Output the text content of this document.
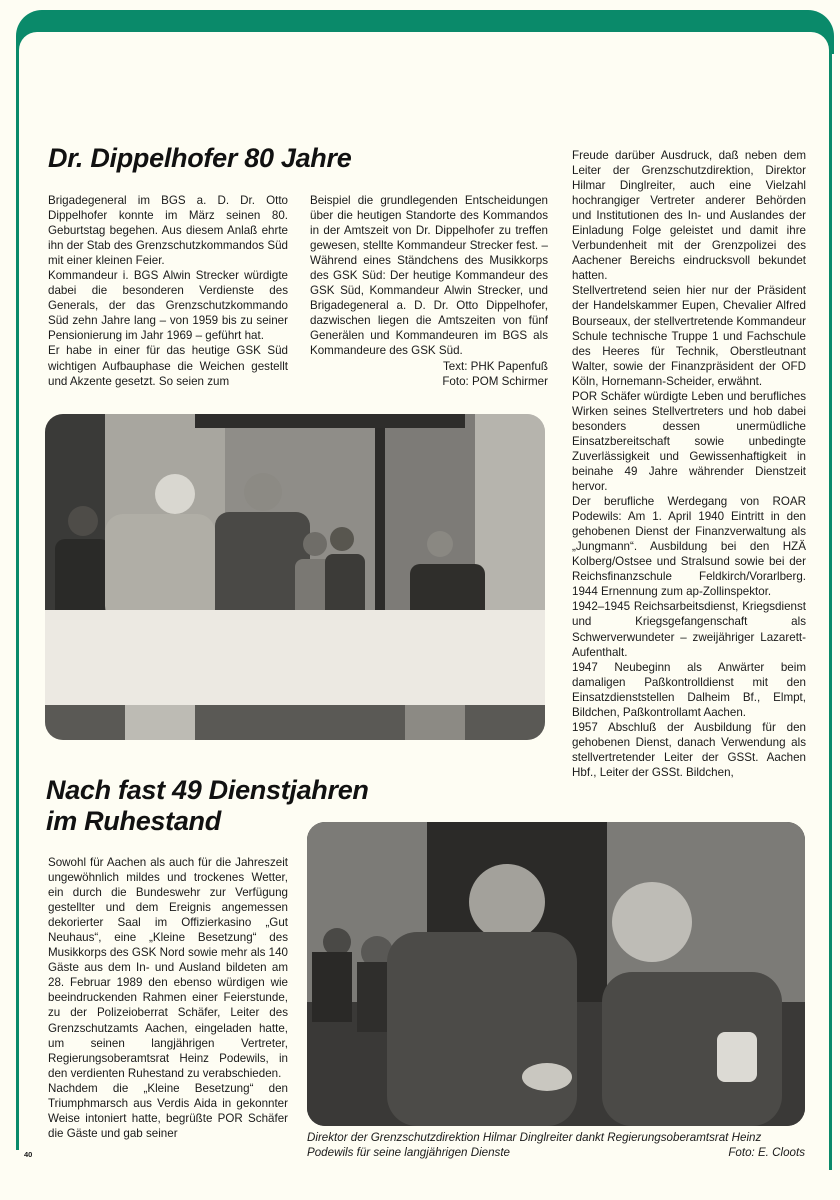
Dr. Dippelhofer 80 Jahre

Brigadegeneral im BGS a. D. Dr. Otto Dippelhofer konnte im März seinen 80. Geburtstag begehen. Aus diesem Anlaß ehrte ihn der Stab des Grenzschutzkommandos Süd mit einer kleinen Feier.

Kommandeur i. BGS Alwin Strecker würdigte dabei die besonderen Verdienste des Generals, der das Grenzschutzkommando Süd zehn Jahre lang – von 1959 bis zu seiner Pensionierung im Jahr 1969 – geführt hat.

Er habe in einer für das heutige GSK Süd wichtigen Aufbauphase die Weichen gestellt und Akzente gesetzt. So seien zum

Beispiel die grundlegenden Entscheidungen über die heutigen Standorte des Kommandos in der Amtszeit von Dr. Dippelhofer zu treffen gewesen, stellte Kommandeur Strecker fest. – Während eines Ständchens des Musikkorps des GSK Süd: Der heutige Kommandeur des GSK Süd, Kommandeur Alwin Strecker, und Brigadegeneral a. D. Dr. Otto Dippelhofer, dazwischen liegen die Amtszeiten von fünf Generälen und Kommandeuren im BGS als Kommandeure des GSK Süd.

Text: PHK Papenfuß

Foto: POM Schirmer

Nach fast 49 Dienstjahren
im Ruhestand

Sowohl für Aachen als auch für die Jahreszeit ungewöhnlich mildes und trockenes Wetter, ein durch die Bundeswehr zur Verfügung gestellter und dem Ereignis angemessen dekorierter Saal im Offizierkasino „Gut Neuhaus“, eine „Kleine Besetzung“ des Musikkorps des GSK Nord sowie mehr als 140 Gäste aus dem In- und Ausland bildeten am 28. Februar 1989 den ebenso würdigen wie beeindruckenden Rahmen einer Feierstunde, zu der Polizeioberrat Schäfer, Leiter des Grenzschutzamts Aachen, eingeladen hatte, um seinen langjährigen Vertreter, Regierungsoberamtsrat Heinz Podewils, in den verdienten Ruhestand zu verabschieden.

Nachdem die „Kleine Besetzung“ den Triumphmarsch aus Verdis Aida in gekonnter Weise intoniert hatte, begrüßte POR Schäfer die Gäste und gab seiner

Freude darüber Ausdruck, daß neben dem Leiter der Grenzschutzdirektion, Direktor Hilmar Dinglreiter, auch eine Vielzahl hochrangiger Vertreter anderer Behörden und Institutionen des In- und Auslandes der Einladung Folge geleistet und damit ihre Verbundenheit mit der Grenzpolizei des Aachener Bereichs eindrucksvoll bekundet hatten.

Stellvertretend seien hier nur der Präsident der Handelskammer Eupen, Chevalier Alfred Bourseaux, der stellvertretende Kommandeur Schule technische Truppe 1 und Fachschule des Heeres für Technik, Oberstleutnant Walter, sowie der Finanzpräsident der OFD Köln, Hornemann-Scheider, erwähnt.

POR Schäfer würdigte Leben und berufliches Wirken seines Stellvertreters und hob dabei besonders dessen unermüdliche Einsatzbereitschaft sowie unbedingte Zuverlässigkeit und Gewissenhaftigkeit in beinahe 49 Jahre währender Dienstzeit hervor.

Der berufliche Werdegang von ROAR Podewils: Am 1. April 1940 Eintritt in den gehobenen Dienst der Finanzverwaltung als „Jungmann“. Ausbildung bei den HZÄ Kolberg/Ostsee und Stralsund sowie bei der Reichsfinanzschule Feldkirch/Vorarlberg. 1944 Ernennung zum ap-Zollinspektor.

1942–1945 Reichsarbeitsdienst, Kriegsdienst und Kriegsgefangenschaft als Schwerverwundeter – zweijähriger Lazarett-Aufenthalt.

1947 Neubeginn als Anwärter beim damaligen Paßkontrolldienst mit den Einsatzdienststellen Dalheim Bf., Elmpt, Bildchen, Paßkontrollamt Aachen.

1957 Abschluß der Ausbildung für den gehobenen Dienst, danach Verwendung als stellvertretender Leiter der GSSt. Aachen Hbf., Leiter der GSSt. Bildchen,

Direktor der Grenzschutzdirektion Hilmar Dinglreiter dankt Regierungsoberamtsrat Heinz
Podewils für seine langjährigen Dienste	Foto: E. Cloots
40
